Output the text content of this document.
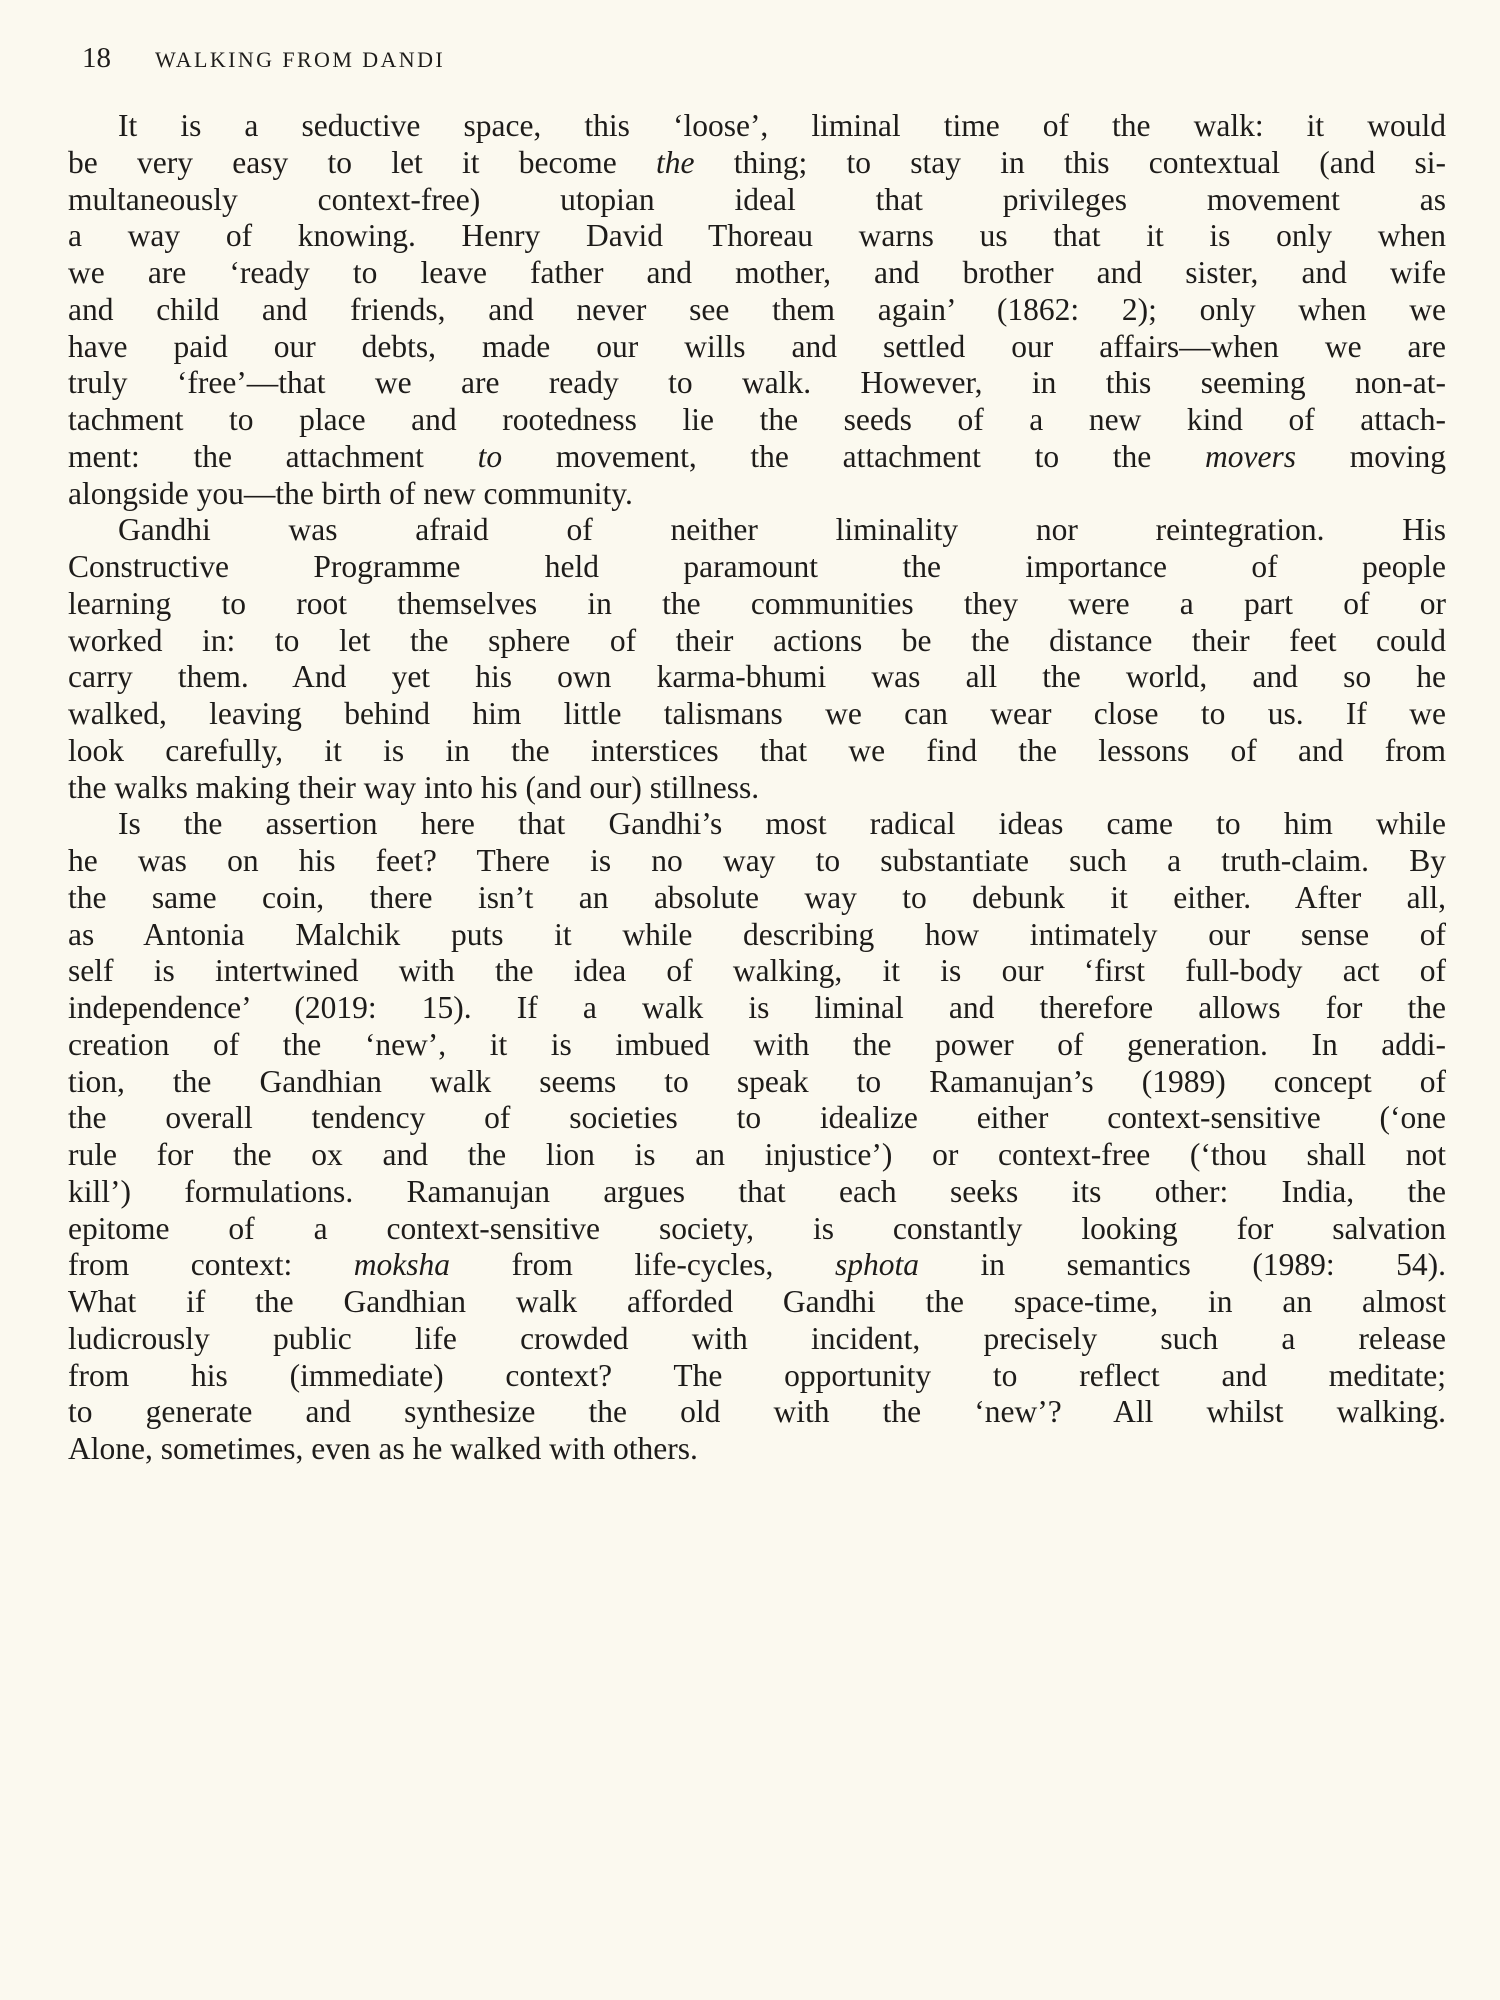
18 WALKING FROM DANDI
It is a seductive space, this ‘loose’, liminal time of the walk: it would
be very easy to let it become the thing; to stay in this contextual (and si-
multaneously context-free) utopian ideal that privileges movement as
a way of knowing. Henry David Thoreau warns us that it is only when
we are ‘ready to leave father and mother, and brother and sister, and wife
and child and friends, and never see them again’ (1862: 2); only when we
have paid our debts, made our wills and settled our affairs—when we are
truly ‘free’—that we are ready to walk. However, in this seeming non-at-
tachment to place and rootedness lie the seeds of a new kind of attach-
ment: the attachment to movement, the attachment to the movers moving
alongside you—the birth of new community.
Gandhi was afraid of neither liminality nor reintegration. His
Constructive Programme held paramount the importance of people
learning to root themselves in the communities they were a part of or
worked in: to let the sphere of their actions be the distance their feet could
carry them. And yet his own karma-bhumi was all the world, and so he
walked, leaving behind him little talismans we can wear close to us. If we
look carefully, it is in the interstices that we find the lessons of and from
the walks making their way into his (and our) stillness.
Is the assertion here that Gandhi’s most radical ideas came to him while
he was on his feet? There is no way to substantiate such a truth-claim. By
the same coin, there isn’t an absolute way to debunk it either. After all,
as Antonia Malchik puts it while describing how intimately our sense of
self is intertwined with the idea of walking, it is our ‘first full-body act of
independence’ (2019: 15). If a walk is liminal and therefore allows for the
creation of the ‘new’, it is imbued with the power of generation. In addi-
tion, the Gandhian walk seems to speak to Ramanujan’s (1989) concept of
the overall tendency of societies to idealize either context-sensitive (‘one
rule for the ox and the lion is an injustice’) or context-free (‘thou shall not
kill’) formulations. Ramanujan argues that each seeks its other: India, the
epitome of a context-sensitive society, is constantly looking for salvation
from context: moksha from life-cycles, sphota in semantics (1989: 54).
What if the Gandhian walk afforded Gandhi the space-time, in an almost
ludicrously public life crowded with incident, precisely such a release
from his (immediate) context? The opportunity to reflect and meditate;
to generate and synthesize the old with the ‘new’? All whilst walking.
Alone, sometimes, even as he walked with others.
